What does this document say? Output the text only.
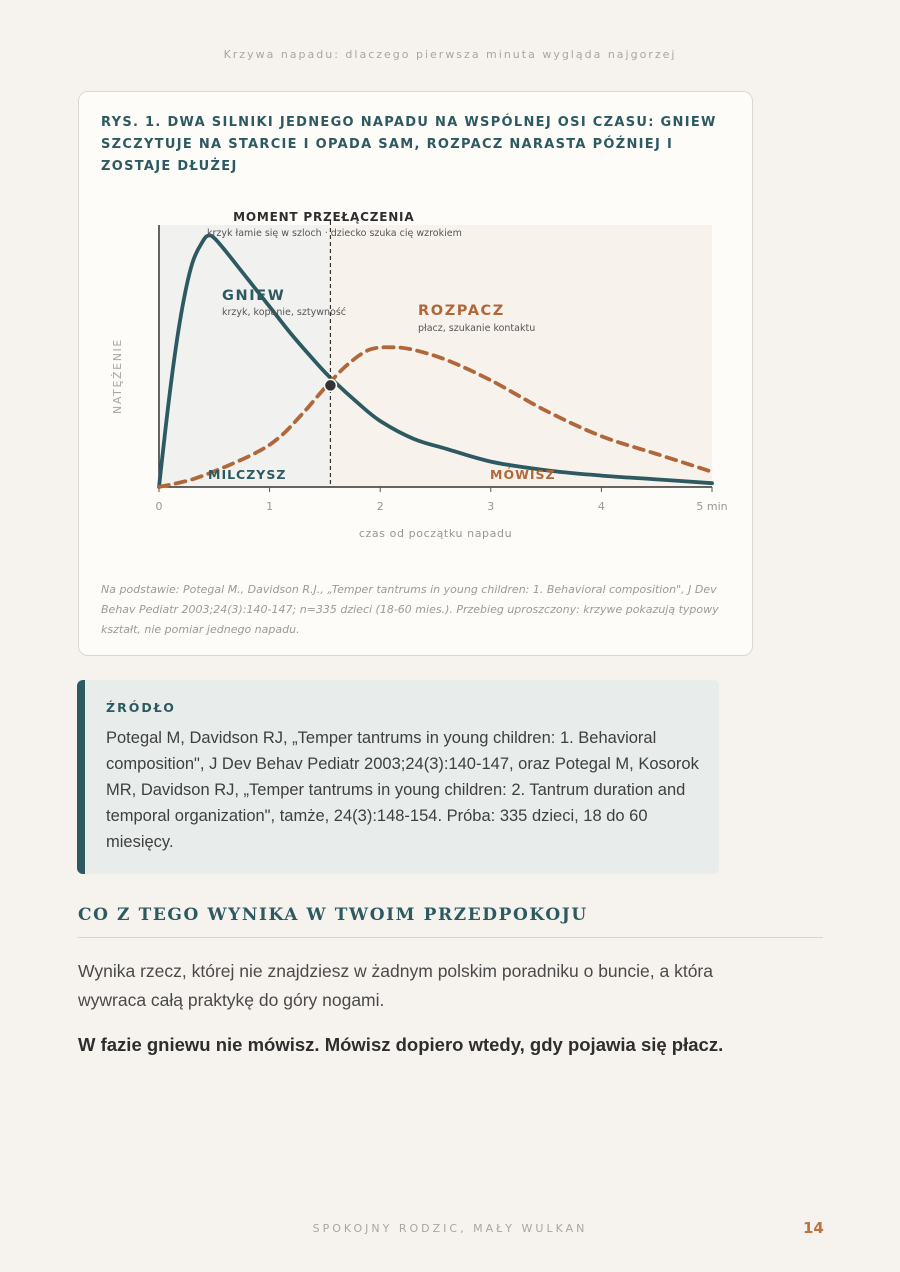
Krzywa napadu: dlaczego pierwsza minuta wygląda najgorzej
RYS. 1. DWA SILNIKI JEDNEGO NAPADU NA WSPÓLNEJ OSI CZASU: GNIEW SZCZYTUJE NA STARCIE I OPADA SAM, ROZPACZ NARASTA PÓŹNIEJ I ZOSTAJE DŁUŻEJ
0	1	2	3	4	5 min
czas od początku napadu
NATĘŻENIE
MOMENT PRZEŁĄCZENIA
krzyk łamie się w szloch · dziecko szuka cię wzrokiem
GNIEW
krzyk, kopanie, sztywność	ROZPACZ
płacz, szukanie kontaktu
MILCZYSZ	MÓWISZ
Na podstawie: Potegal M., Davidson R.J., „Temper tantrums in young children: 1. Behavioral composition", J Dev Behav Pediatr 2003;24(3):140-147; n=335 dzieci (18-60 mies.). Przebieg uproszczony: krzywe pokazują typowy kształt, nie pomiar jednego napadu.
ŹRÓDŁO
Potegal M, Davidson RJ, „Temper tantrums in young children: 1. Behavioral composition", J Dev Behav Pediatr 2003;24(3):140-147, oraz Potegal M, Kosorok MR, Davidson RJ, „Temper tantrums in young children: 2. Tantrum duration and temporal organization", tamże, 24(3):148-154. Próba: 335 dzieci, 18 do 60 miesięcy.
CO Z TEGO WYNIKA W TWOIM PRZEDPOKOJU
Wynika rzecz, której nie znajdziesz w żadnym polskim poradniku o buncie, a która wywraca całą praktykę do góry nogami.
W fazie gniewu nie mówisz. Mówisz dopiero wtedy, gdy pojawia się płacz.
SPOKOJNY RODZIC, MAŁY WULKAN	14
